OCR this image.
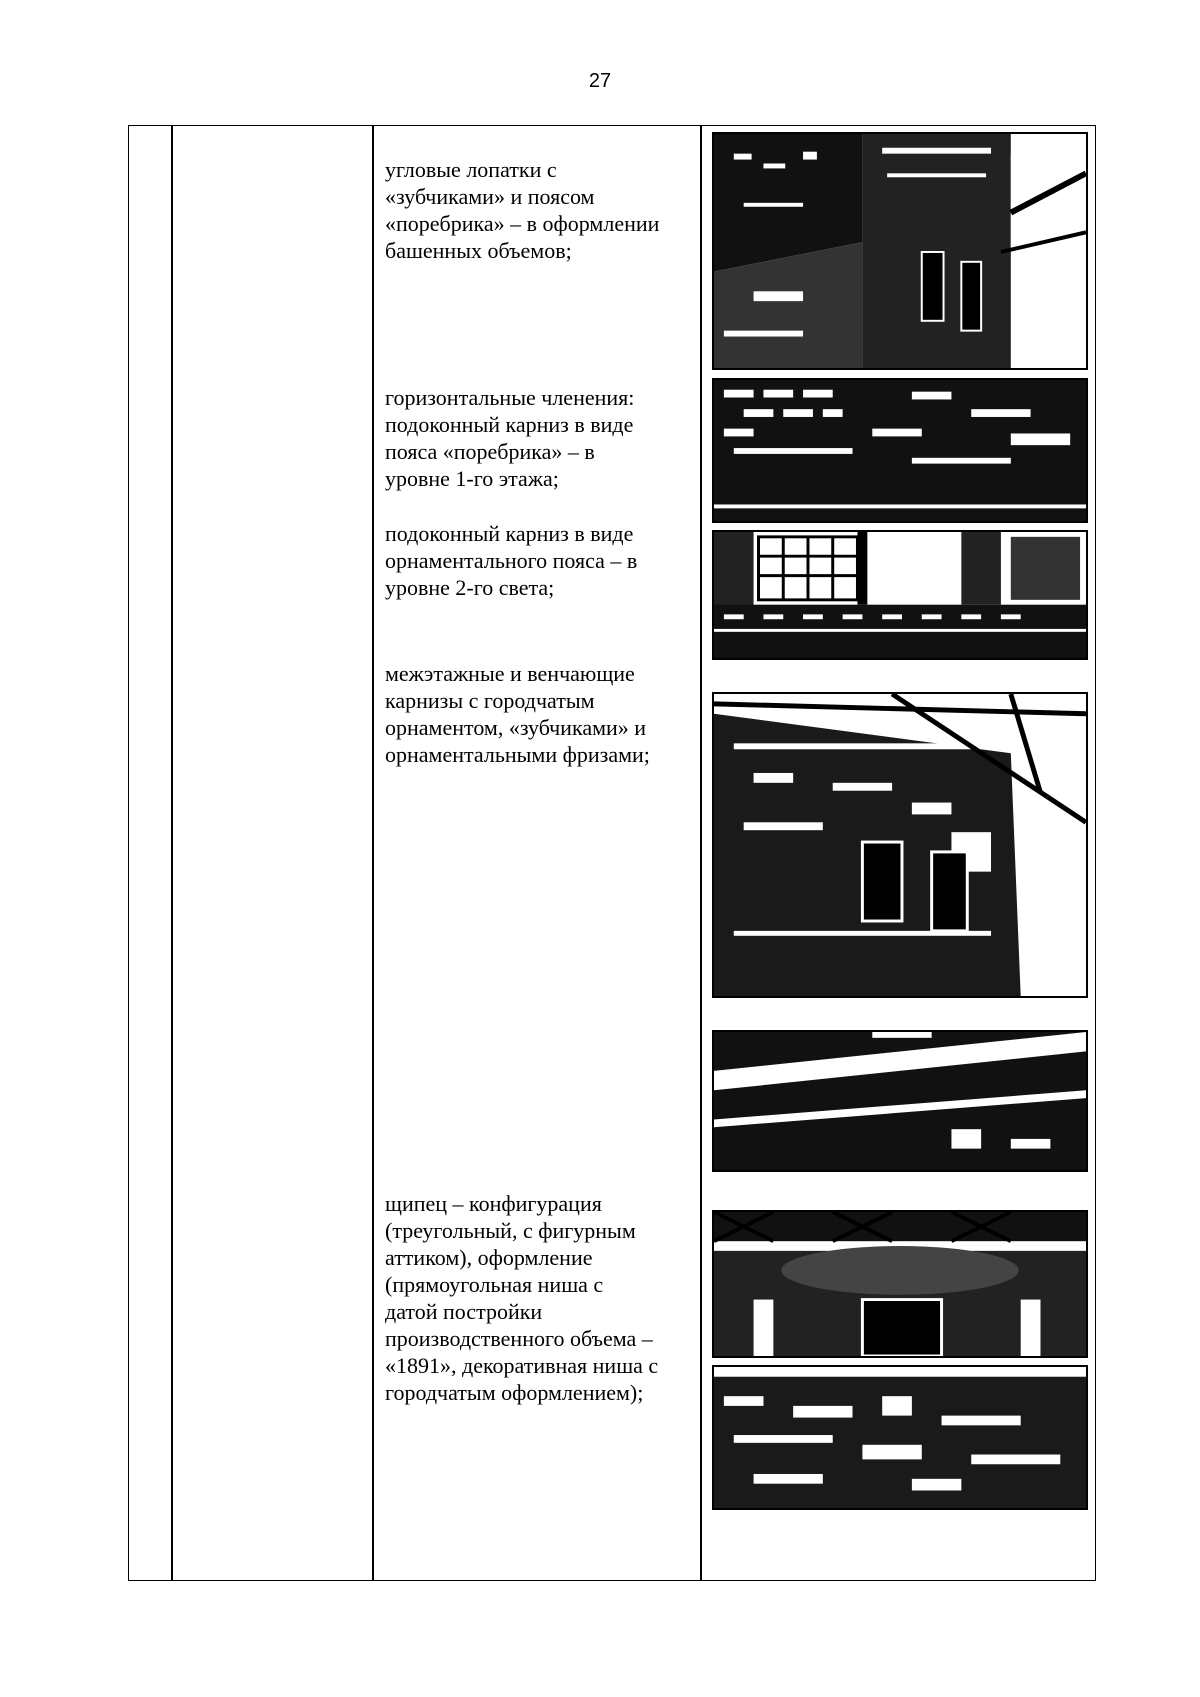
27
угловые лопатки с
«зубчиками» и поясом
«поребрика» – в оформлении
башенных объемов;
горизонтальные членения:
подоконный карниз в виде
пояса «поребрика» – в
уровне 1-го этажа;
подоконный карниз в виде
орнаментального пояса – в
уровне 2-го света;
межэтажные и венчающие
карнизы с городчатым
орнаментом, «зубчиками» и
орнаментальными фризами;
щипец – конфигурация
(треугольный, с фигурным
аттиком), оформление
(прямоугольная ниша с
датой постройки
производственного объема –
«1891», декоративная ниша с
городчатым оформлением);
